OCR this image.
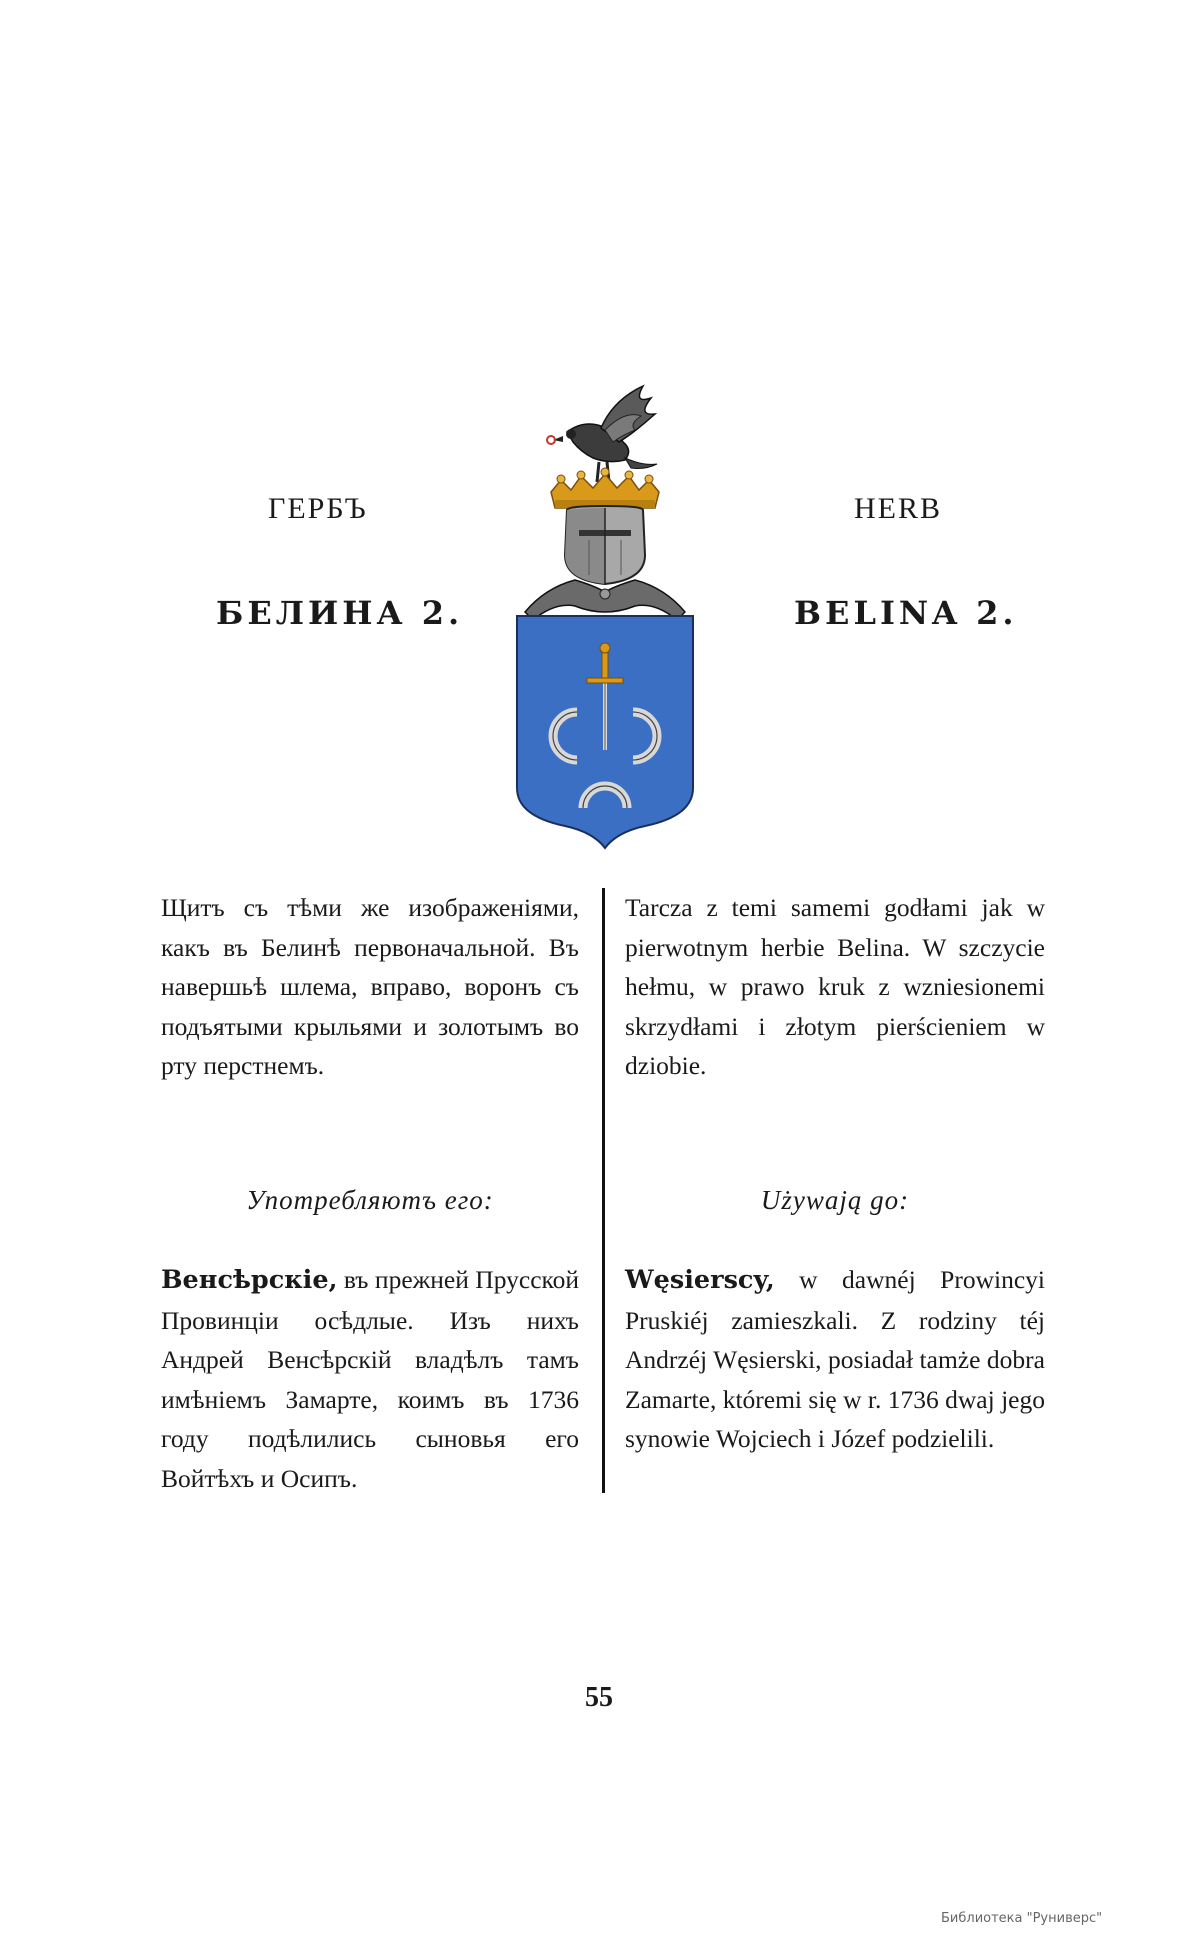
ГЕРБЪ
БЕЛИНА 2.
HERB
BELINA 2.

Щитъ съ тѣми же изображеніями, какъ въ Белинѣ первоначальной. Въ навершьѣ шлема, вправо, воронъ съ подъятыми крыльями и золотымъ во рту перстнемъ.

Употребляютъ его:

Венсѣрскіе, въ прежней Прусской Провинціи осѣдлые. Изъ нихъ Андрей Венсѣрскій владѣлъ тамъ имѣніемъ Замарте, коимъ въ 1736 году подѣлились сыновья его Войтѣхъ и Осипъ.

Tarcza z temi samemi godłami jak w pierwotnym herbie Belina. W szczycie hełmu, w prawo kruk z wzniesionemi skrzydłami i złotym pierścieniem w dziobie.

Używają go:

Węsierscy, w dawnéj Prowincyi Pruskiéj zamieszkali. Z rodziny téj Andrzéj Węsierski, posiadał tamże dobra Zamarte, któremi się w r. 1736 dwaj jego synowie Wojciech i Józef podzielili.

55
Библиотека "Руниверс"
